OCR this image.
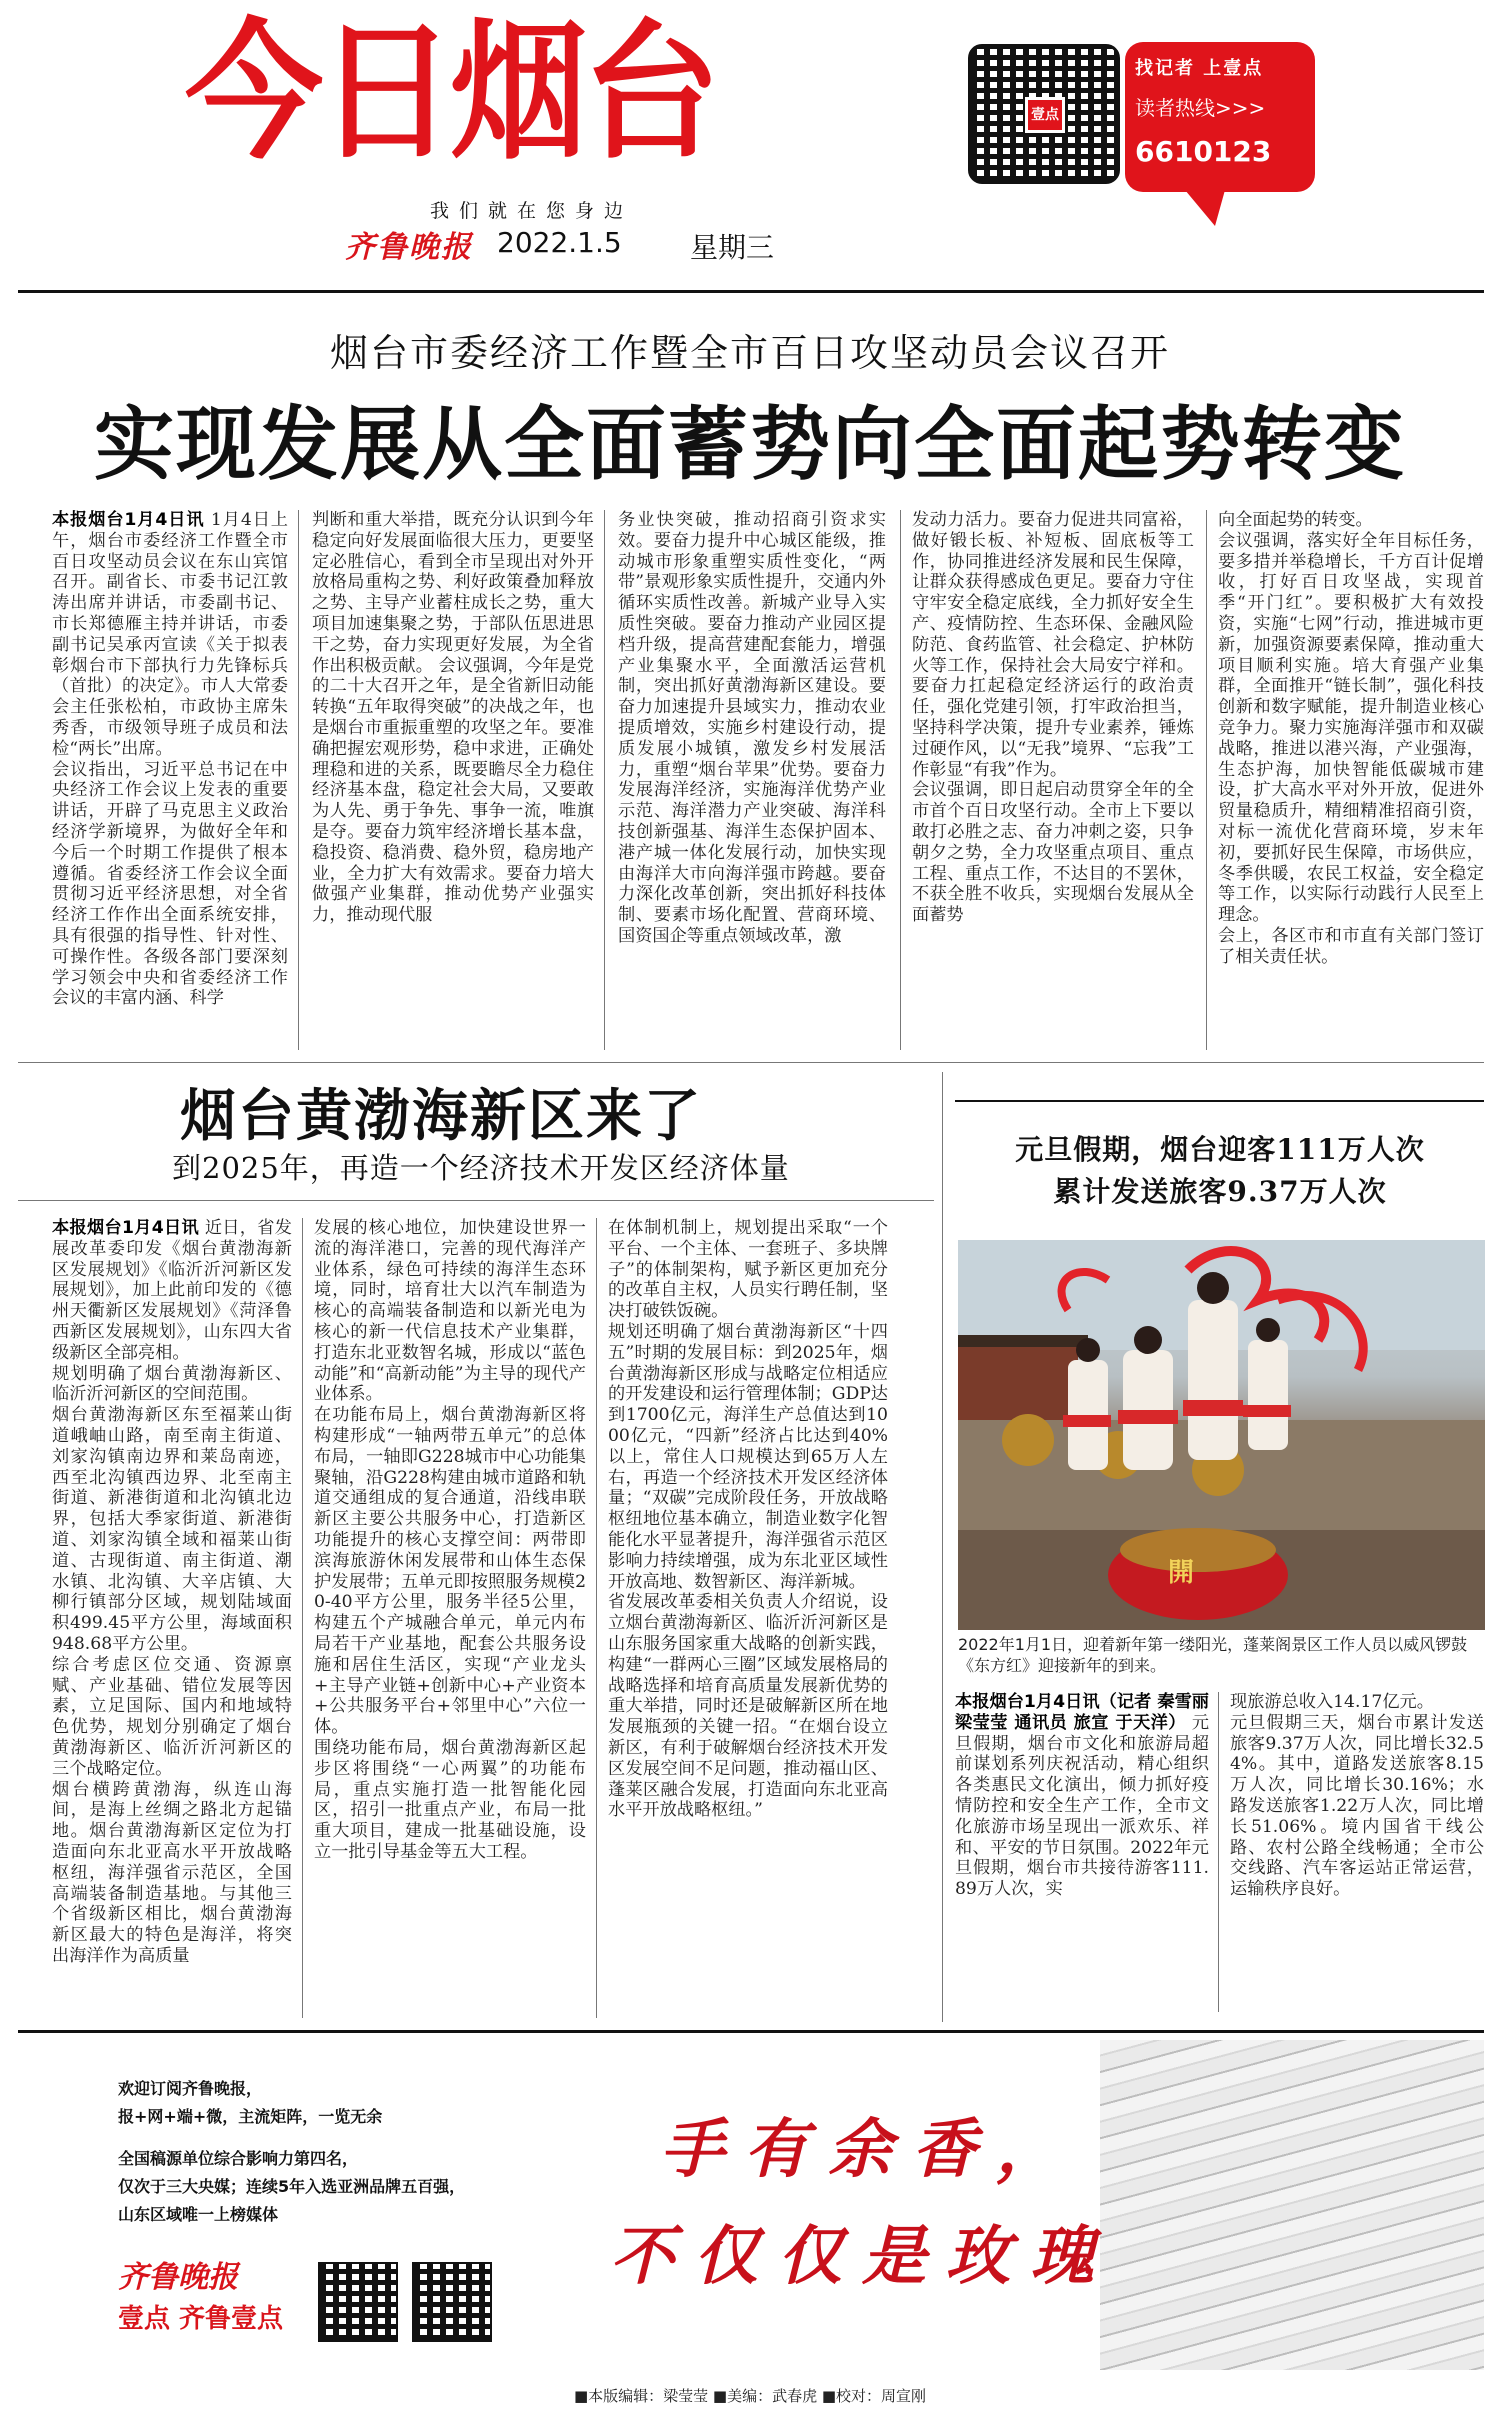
今日烟台
我们就在您身边
齐鲁晚报 2022.1.5 星期三
壹点
找记者 上壹点
读者热线>>>
6610123
烟台市委经济工作暨全市百日攻坚动员会议召开
实现发展从全面蓄势向全面起势转变
本报烟台1月4日讯 1月4日上午，烟台市委经济工作暨全市百日攻坚动员会议在东山宾馆召开。副省长、市委书记江敦涛出席并讲话，市委副书记、市长郑德雁主持并讲话，市委副书记吴承丙宣读《关于拟表彰烟台市下部执行力先锋标兵（首批）的决定》。市人大常委会主任张松柏，市政协主席朱秀香，市级领导班子成员和法检“两长”出席。
会议指出，习近平总书记在中央经济工作会议上发表的重要讲话，开辟了马克思主义政治经济学新境界，为做好全年和今后一个时期工作提供了根本遵循。省委经济工作会议全面贯彻习近平经济思想，对全省经济工作作出全面系统安排，具有很强的指导性、针对性、可操作性。各级各部门要深刻学习领会中央和省委经济工作会议的丰富内涵、科学
判断和重大举措，既充分认识到今年稳定向好发展面临很大压力，更要坚定必胜信心，看到全市呈现出对外开放格局重构之势、利好政策叠加释放之势、主导产业蓄柱成长之势，重大项目加速集聚之势，于部队伍思进思干之势，奋力实现更好发展，为全省作出积极贡献。 会议强调，今年是党的二十大召开之年，是全省新旧动能转换“五年取得突破”的决战之年，也是烟台市重振重塑的攻坚之年。要准确把握宏观形势，稳中求进，正确处理稳和进的关系，既要瞻尽全力稳住经济基本盘，稳定社会大局，又要敢为人先、勇于争先、事争一流，唯旗是夺。要奋力筑牢经济增长基本盘，稳投资、稳消费、稳外贸，稳房地产业，全力扩大有效需求。要奋力培大做强产业集群，推动优势产业强实力，推动现代服
务业快突破，推动招商引资求实效。要奋力提升中心城区能级，推动城市形象重塑实质性变化，“两带”景观形象实质性提升，交通内外循环实质性改善。新城产业导入实质性突破。要奋力推动产业园区提档升级，提高营建配套能力，增强产业集聚水平，全面激活运营机制，突出抓好黄渤海新区建设。要奋力加速提升县域实力，推动农业提质增效，实施乡村建设行动，提质发展小城镇，激发乡村发展活力，重塑“烟台苹果”优势。要奋力发展海洋经济，实施海洋优势产业示范、海洋潜力产业突破、海洋科技创新强基、海洋生态保护固本、港产城一体化发展行动，加快实现由海洋大市向海洋强市跨越。要奋力深化改革创新，突出抓好科技体制、要素市场化配置、营商环境、国资国企等重点领域改革，激
发动力活力。要奋力促进共同富裕，做好锻长板、补短板、固底板等工作，协同推进经济发展和民生保障，让群众获得感成色更足。要奋力守住守牢安全稳定底线，全力抓好安全生产、疫情防控、生态环保、金融风险防范、食药监管、社会稳定、护林防火等工作，保持社会大局安宁祥和。要奋力扛起稳定经济运行的政治责任，强化党建引领，打牢政治担当，坚持科学决策，提升专业素养，锤炼过硬作风，以“无我”境界、“忘我”工作彰显“有我”作为。
会议强调，即日起启动贯穿全年的全市首个百日攻坚行动。全市上下要以敢打必胜之志、奋力冲刺之姿，只争朝夕之势，全力攻坚重点项目、重点工程、重点工作，不达目的不罢休，不获全胜不收兵，实现烟台发展从全面蓄势
向全面起势的转变。
会议强调，落实好全年目标任务，要多措并举稳增长，千方百计促增收，打好百日攻坚战，实现首季“开门红”。要积极扩大有效投资，实施“七网”行动，推进城市更新，加强资源要素保障，推动重大项目顺利实施。培大育强产业集群，全面推开“链长制”，强化科技创新和数字赋能，提升制造业核心竞争力。聚力实施海洋强市和双碳战略，推进以港兴海，产业强海，生态护海，加快智能低碳城市建设，扩大高水平对外开放，促进外贸量稳质升，精细精准招商引资，对标一流优化营商环境，岁末年初，要抓好民生保障，市场供应，冬季供暖，农民工权益，安全稳定等工作，以实际行动践行人民至上理念。
会上，各区市和市直有关部门签订了相关责任状。
烟台黄渤海新区来了
到2025年，再造一个经济技术开发区经济体量
本报烟台1月4日讯 近日，省发展改革委印发《烟台黄渤海新区发展规划》《临沂沂河新区发展规划》，加上此前印发的《德州天衢新区发展规划》《菏泽鲁西新区发展规划》，山东四大省级新区全部亮相。
规划明确了烟台黄渤海新区、临沂沂河新区的空间范围。
烟台黄渤海新区东至福莱山街道峨岫山路，南至南主街道、刘家沟镇南边界和莱岛南迹，西至北沟镇西边界、北至南主街道、新港街道和北沟镇北边界，包括大季家街道、新港街道、刘家沟镇全域和福莱山街道、古现街道、南主街道、潮水镇、北沟镇、大辛店镇、大柳行镇部分区域，规划陆域面积499.45平方公里，海域面积948.68平方公里。
综合考虑区位交通、资源禀赋、产业基础、错位发展等因素，立足国际、国内和地域特色优势，规划分别确定了烟台黄渤海新区、临沂沂河新区的三个战略定位。
烟台横跨黄渤海，纵连山海间，是海上丝绸之路北方起锚地。烟台黄渤海新区定位为打造面向东北亚高水平开放战略枢纽，海洋强省示范区，全国高端装备制造基地。与其他三个省级新区相比，烟台黄渤海新区最大的特色是海洋，将突出海洋作为高质量
发展的核心地位，加快建设世界一流的海洋港口，完善的现代海洋产业体系，绿色可持续的海洋生态环境，同时，培育壮大以汽车制造为核心的高端装备制造和以新光电为核心的新一代信息技术产业集群，打造东北亚数智名城，形成以“蓝色动能”和“高新动能”为主导的现代产业体系。
在功能布局上，烟台黄渤海新区将构建形成“一轴两带五单元”的总体布局，一轴即G228城市中心功能集聚轴，沿G228构建由城市道路和轨道交通组成的复合通道，沿线串联新区主要公共服务中心，打造新区功能提升的核心支撑空间：两带即滨海旅游休闲发展带和山体生态保护发展带；五单元即按照服务规模20-40平方公里，服务半径5公里，构建五个产城融合单元，单元内布局若干产业基地，配套公共服务设施和居住生活区，实现“产业龙头+主导产业链+创新中心+产业资本+公共服务平台+邻里中心”六位一体。
围绕功能布局，烟台黄渤海新区起步区将围绕“一心两翼”的功能布局，重点实施打造一批智能化园区，招引一批重点产业，布局一批重大项目，建成一批基础设施，设立一批引导基金等五大工程。
在体制机制上，规划提出采取“一个平台、一个主体、一套班子、多块牌子”的体制架构，赋予新区更加充分的改革自主权，人员实行聘任制，坚决打破铁饭碗。
规划还明确了烟台黄渤海新区“十四五”时期的发展目标：到2025年，烟台黄渤海新区形成与战略定位相适应的开发建设和运行管理体制；GDP达到1700亿元，海洋生产总值达到1000亿元，“四新”经济占比达到40%以上，常住人口规模达到65万人左右，再造一个经济技术开发区经济体量；“双碳”完成阶段任务，开放战略枢纽地位基本确立，制造业数字化智能化水平显著提升，海洋强省示范区影响力持续增强，成为东北亚区域性开放高地、数智新区、海洋新城。
省发展改革委相关负责人介绍说，设立烟台黄渤海新区、临沂沂河新区是山东服务国家重大战略的创新实践，构建“一群两心三圈”区域发展格局的战略选择和培育高质量发展新优势的重大举措，同时还是破解新区所在地发展瓶颈的关键一招。“在烟台设立新区，有利于破解烟台经济技术开发区发展空间不足问题，推动福山区、蓬莱区融合发展，打造面向东北亚高水平开放战略枢纽。”
元旦假期，烟台迎客111万人次
累计发送旅客9.37万人次
開
2022年1月1日，迎着新年第一缕阳光，蓬莱阁景区工作人员以威风锣鼓《东方红》迎接新年的到来。
本报烟台1月4日讯（记者 秦雪丽 梁莹莹 通讯员 旅宣 于天洋） 元旦假期，烟台市文化和旅游局超前谋划系列庆祝活动，精心组织各类惠民文化演出，倾力抓好疫情防控和安全生产工作，全市文化旅游市场呈现出一派欢乐、祥和、平安的节日氛围。2022年元旦假期，烟台市共接待游客111.89万人次，实
现旅游总收入14.17亿元。
元旦假期三天，烟台市累计发送旅客9.37万人次，同比增长32.54%。其中，道路发送旅客8.15万人次，同比增长30.16%；水路发送旅客1.22万人次，同比增长51.06%。境内国省干线公路、农村公路全线畅通；全市公交线路、汽车客运站正常运营，运输秩序良好。
欢迎订阅齐鲁晚报，
报+网+端+微，主流矩阵，一览无余
全国稿源单位综合影响力第四名，
仅次于三大央媒；连续5年入选亚洲品牌五百强，
山东区域唯一上榜媒体
齐鲁晚报
壹点 齐鲁壹点
手有余香，
不仅仅是玫瑰
■本版编辑：梁莹莹 ■美编：武春虎 ■校对：周宣刚
